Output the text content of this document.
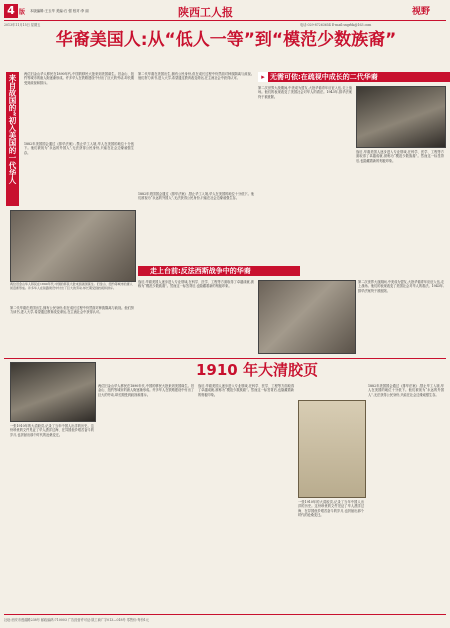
4 版 本版编辑:王玉华 美编:石 强 校对:李 丽	陕西工人报	视野
2013年11月15日 星期五	电话:029-87263654 E-mail:sxgrbk@163.com
华裔美国人:从“低人一等”到“模范少数族裔”
来自故国的“初入美国的一代华人	两位旧金山华人移民在1890年代,中国的移民大批来到美国谋生。旧金山、纽约等城市的唐人街逐渐形成。许多华人在铁路建设中付出了巨大的劳动,却长期受到歧视和排斥。
1882年美国国会通过《排华法案》,禁止华工入境,华人在美国的地位十分低下。他们被视为“永远的外国人”,无法获得公民身份,只能在社会边缘顽强生存。
两位旧金山华人移民在1890年代,中国的移民大批来到美国谋生。旧金山、纽约等城市的唐人街逐渐形成。许多华人在铁路建设中付出了巨大的劳动,却长期受到歧视和排斥。
无需可依:在疏视中成长的二代华裔
▸
第二代华裔在美国出生,拥有公民身份,但在成长过程中仍然面对种族隔离与歧视。他们努力读书,进入大学,希望通过教育改变命运,在主流社会中获得认可。
1882年美国国会通过《排华法案》,禁止华工入境,华人在美国的地位十分低下。他们被视为“永远的外国人”,无法获得公民身份,只能在社会边缘顽强生存。
第二次世界大战期间,中美成为盟友,大批华裔青年应征入伍,走上战场。他们的表现改变了美国社会对华人的看法。1943年,排华法案终于被废除。
战后,华裔美国人逐步进入专业领域,在科学、医学、工程等方面取得了卓越成就,被称为“模范少数族裔”。然而这一标签背后,也隐藏着新的刻板印象。
走上台前:反法西斯战争中的华裔
战后,华裔美国人逐步进入专业领域,在科学、医学、工程等方面取得了卓越成就,被称为“模范少数族裔”。然而这一标签背后,也隐藏着新的刻板印象。
第二次世界大战期间,中美成为盟友,大批华裔青年应征入伍,走上战场。他们的表现改变了美国社会对华人的看法。1943年,排华法案终于被废除。
第二代华裔在美国出生,拥有公民身份,但在成长过程中仍然面对种族隔离与歧视。他们努力读书,进入大学,希望通过教育改变命运,在主流社会中获得认可。
1910 年大清胶页
一张1910年的大清胶页,记录了当年中国人出洋的历史。这份珍贵的文件见证了华人漂洋过海、在异国他乡艰苦奋斗的岁月,也折射出那个时代的沧桑变迁。
两位旧金山华人移民在1890年代,中国的移民大批来到美国谋生。旧金山、纽约等城市的唐人街逐渐形成。许多华人在铁路建设中付出了巨大的劳动,却长期受到歧视和排斥。
战后,华裔美国人逐步进入专业领域,在科学、医学、工程等方面取得了卓越成就,被称为“模范少数族裔”。然而这一标签背后,也隐藏着新的刻板印象。
一张1910年的大清胶页,记录了当年中国人出洋的历史。这份珍贵的文件见证了华人漂洋过海、在异国他乡艰苦奋斗的岁月,也折射出那个时代的沧桑变迁。
1882年美国国会通过《排华法案》,禁止华工入境,华人在美国的地位十分低下。他们被视为“永远的外国人”,无法获得公民身份,只能在社会边缘顽强生存。
社址:西安市莲湖路238号 邮政编码:710003 广告经营许可证:陕工商广字013—018号 零售价:每份1元
